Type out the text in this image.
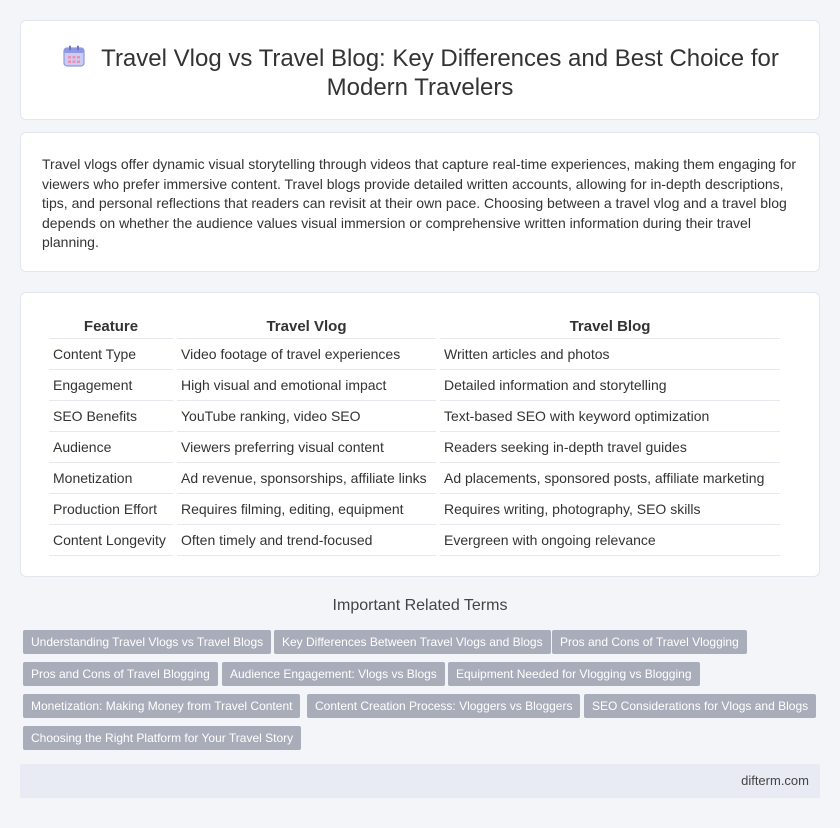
Travel Vlog vs Travel Blog: Key Differences and Best Choice for Modern Travelers

Travel vlogs offer dynamic visual storytelling through videos that capture real-time experiences, making them engaging for viewers who prefer immersive content. Travel blogs provide detailed written accounts, allowing for in-depth descriptions, tips, and personal reflections that readers can revisit at their own pace. Choosing between a travel vlog and a travel blog depends on whether the audience values visual immersion or comprehensive written information during their travel planning.

Feature	Travel Vlog	Travel Blog
Content Type	Video footage of travel experiences	Written articles and photos
Engagement	High visual and emotional impact	Detailed information and storytelling
SEO Benefits	YouTube ranking, video SEO	Text-based SEO with keyword optimization
Audience	Viewers preferring visual content	Readers seeking in-depth travel guides
Monetization	Ad revenue, sponsorships, affiliate links	Ad placements, sponsored posts, affiliate marketing
Production Effort	Requires filming, editing, equipment	Requires writing, photography, SEO skills
Content Longevity	Often timely and trend-focused	Evergreen with ongoing relevance
Important Related Terms
Understanding Travel Vlogs vs Travel Blogs	Key Differences Between Travel Vlogs and Blogs	Pros and Cons of Travel Vlogging
Pros and Cons of Travel Blogging	Audience Engagement: Vlogs vs Blogs	Equipment Needed for Vlogging vs Blogging
Monetization: Making Money from Travel Content	Content Creation Process: Vloggers vs Bloggers	SEO Considerations for Vlogs and Blogs
Choosing the Right Platform for Your Travel Story
difterm.com
